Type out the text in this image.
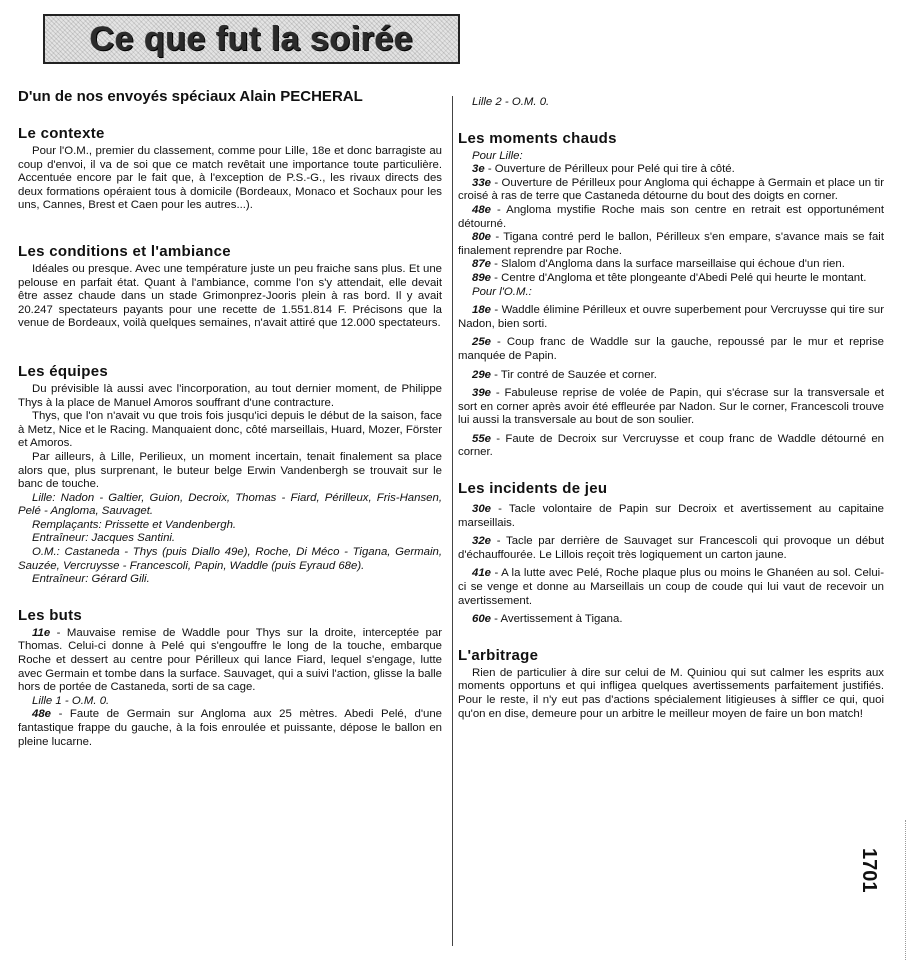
Ce que fut la soirée
D'un de nos envoyés spéciaux Alain PECHERAL
Le contexte

Pour l'O.M., premier du classement, comme pour Lille, 18e et donc barragiste au coup d'envoi, il va de soi que ce match revêtait une importance toute particulière. Accentuée encore par le fait que, à l'exception de P.S.-G., les rivaux directs des deux formations opéraient tous à domicile (Bordeaux, Monaco et Sochaux pour les uns, Cannes, Brest et Caen pour les autres...).

Les conditions et l'ambiance

Idéales ou presque. Avec une température juste un peu fraiche sans plus. Et une pelouse en parfait état. Quant à l'ambiance, comme l'on s'y attendait, elle devait être assez chaude dans un stade Grimonprez-Jooris plein à ras bord. Il y avait 20.247 spectateurs payants pour une recette de 1.551.814 F. Précisons que la venue de Bordeaux, voilà quelques semaines, n'avait attiré que 12.000 spectateurs.

Les équipes

Du prévisible là aussi avec l'incorporation, au tout dernier moment, de Philippe Thys à la place de Manuel Amoros souffrant d'une contracture.

Thys, que l'on n'avait vu que trois fois jusqu'ici depuis le début de la saison, face à Metz, Nice et le Racing. Manquaient donc, côté marseillais, Huard, Mozer, Förster et Amoros.

Par ailleurs, à Lille, Perilieux, un moment incertain, tenait finalement sa place alors que, plus surprenant, le buteur belge Erwin Vandenbergh se trouvait sur le banc de touche.

Lille: Nadon - Galtier, Guion, Decroix, Thomas - Fiard, Périlleux, Fris-Hansen, Pelé - Angloma, Sauvaget.

Remplaçants: Prissette et Vandenbergh.

Entraîneur: Jacques Santini.

O.M.: Castaneda - Thys (puis Diallo 49e), Roche, Di Méco - Tigana, Germain, Sauzée, Vercruysse - Francescoli, Papin, Waddle (puis Eyraud 68e).

Entraîneur: Gérard Gili.

Les buts

11e - Mauvaise remise de Waddle pour Thys sur la droite, interceptée par Thomas. Celui-ci donne à Pelé qui s'engouffre le long de la touche, embarque Roche et dessert au centre pour Périlleux qui lance Fiard, lequel s'engage, lutte avec Germain et tombe dans la surface. Sauvaget, qui a suivi l'action, glisse la balle hors de portée de Castaneda, sorti de sa cage.

Lille 1 - O.M. 0.

48e - Faute de Germain sur Angloma aux 25 mètres. Abedi Pelé, d'une fantastique frappe du gauche, à la fois enroulée et puissante, dépose le ballon en pleine lucarne.

Lille 2 - O.M. 0.

Les moments chauds

Pour Lille:

3e - Ouverture de Périlleux pour Pelé qui tire à côté.

33e - Ouverture de Périlleux pour Angloma qui échappe à Germain et place un tir croisé à ras de terre que Castaneda détourne du bout des doigts en corner.

48e - Angloma mystifie Roche mais son centre en retrait est opportunément détourné.

80e - Tigana contré perd le ballon, Périlleux s'en empare, s'avance mais se fait finalement reprendre par Roche.

87e - Slalom d'Angloma dans la surface marseillaise qui échoue d'un rien.

89e - Centre d'Angloma et tête plongeante d'Abedi Pelé qui heurte le montant.

Pour l'O.M.:

18e - Waddle élimine Périlleux et ouvre superbement pour Vercruysse qui tire sur Nadon, bien sorti.

25e - Coup franc de Waddle sur la gauche, repoussé par le mur et reprise manquée de Papin.

29e - Tir contré de Sauzée et corner.

39e - Fabuleuse reprise de volée de Papin, qui s'écrase sur la transversale et sort en corner après avoir été effleurée par Nadon. Sur le corner, Francescoli trouve lui aussi la transversale au bout de son soulier.

55e - Faute de Decroix sur Vercruysse et coup franc de Waddle détourné en corner.

Les incidents de jeu

30e - Tacle volontaire de Papin sur Decroix et avertissement au capitaine marseillais.

32e - Tacle par derrière de Sauvaget sur Francescoli qui provoque un début d'échauffourée. Le Lillois reçoit très logiquement un carton jaune.

41e - A la lutte avec Pelé, Roche plaque plus ou moins le Ghanéen au sol. Celui-ci se venge et donne au Marseillais un coup de coude qui lui vaut de recevoir un avertissement.

60e - Avertissement à Tigana.

L'arbitrage

Rien de particulier à dire sur celui de M. Quiniou qui sut calmer les esprits aux moments opportuns et qui infligea quelques avertissements parfaitement justifiés. Pour le reste, il n'y eut pas d'actions spécialement litigieuses à siffler ce qui, quoi qu'on en dise, demeure pour un arbitre le meilleur moyen de faire un bon match!

1701
